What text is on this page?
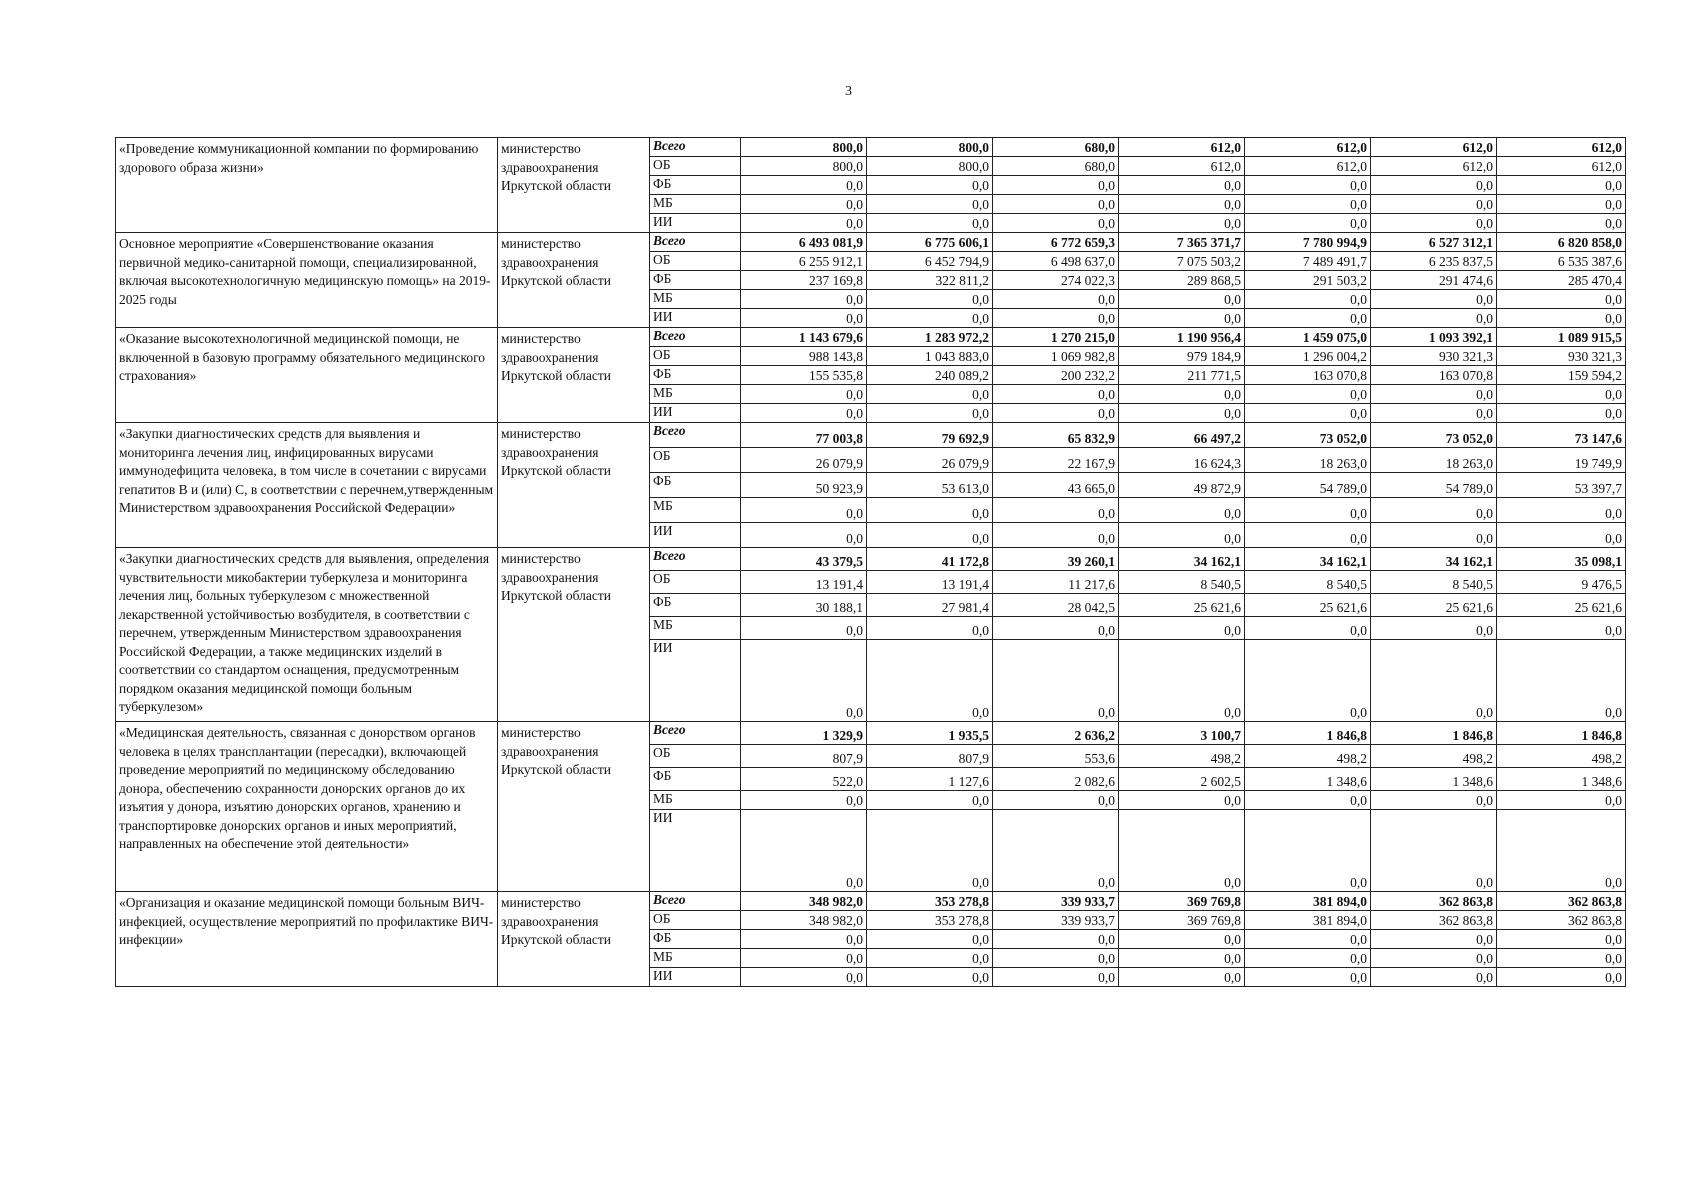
3
«Проведение коммуникационной компании по формированию здорового образа жизни»	министерство здравоохранения Иркутской области	Всего	800,0	800,0	680,0	612,0	612,0	612,0	612,0
		ОБ	800,0	800,0	680,0	612,0	612,0	612,0	612,0
		ФБ	0,0	0,0	0,0	0,0	0,0	0,0	0,0
		МБ	0,0	0,0	0,0	0,0	0,0	0,0	0,0
		ИИ	0,0	0,0	0,0	0,0	0,0	0,0	0,0
Основное мероприятие «Совершенствование оказания первичной медико-санитарной помощи, специализированной, включая высокотехнологичную медицинскую помощь» на 2019-2025 годы	министерство здравоохранения Иркутской области	Всего	6 493 081,9	6 775 606,1	6 772 659,3	7 365 371,7	7 780 994,9	6 527 312,1	6 820 858,0
		ОБ	6 255 912,1	6 452 794,9	6 498 637,0	7 075 503,2	7 489 491,7	6 235 837,5	6 535 387,6
		ФБ	237 169,8	322 811,2	274 022,3	289 868,5	291 503,2	291 474,6	285 470,4
		МБ	0,0	0,0	0,0	0,0	0,0	0,0	0,0
		ИИ	0,0	0,0	0,0	0,0	0,0	0,0	0,0
«Оказание высокотехнологичной медицинской помощи, не включенной в базовую программу обязательного медицинского страхования»	министерство здравоохранения Иркутской области	Всего	1 143 679,6	1 283 972,2	1 270 215,0	1 190 956,4	1 459 075,0	1 093 392,1	1 089 915,5
		ОБ	988 143,8	1 043 883,0	1 069 982,8	979 184,9	1 296 004,2	930 321,3	930 321,3
		ФБ	155 535,8	240 089,2	200 232,2	211 771,5	163 070,8	163 070,8	159 594,2
		МБ	0,0	0,0	0,0	0,0	0,0	0,0	0,0
		ИИ	0,0	0,0	0,0	0,0	0,0	0,0	0,0
«Закупки диагностических средств для выявления и мониторинга лечения лиц, инфицированных вирусами иммунодефицита человека, в том числе в сочетании с вирусами гепатитов В и (или) С, в соответствии с перечнем,утвержденным Министерством здравоохранения Российской Федерации»	министерство здравоохранения Иркутской области	Всего	77 003,8	79 692,9	65 832,9	66 497,2	73 052,0	73 052,0	73 147,6
		ОБ	26 079,9	26 079,9	22 167,9	16 624,3	18 263,0	18 263,0	19 749,9
		ФБ	50 923,9	53 613,0	43 665,0	49 872,9	54 789,0	54 789,0	53 397,7
		МБ	0,0	0,0	0,0	0,0	0,0	0,0	0,0
		ИИ	0,0	0,0	0,0	0,0	0,0	0,0	0,0
«Закупки диагностических средств для выявления, определения чувствительности микобактерии туберкулеза и мониторинга лечения лиц, больных туберкулезом с множественной лекарственной устойчивостью возбудителя, в соответствии с перечнем, утвержденным Министерством здравоохранения Российской Федерации, а также медицинских изделий в соответствии со стандартом оснащения, предусмотренным порядком оказания медицинской помощи больным туберкулезом»	министерство здравоохранения Иркутской области	Всего	43 379,5	41 172,8	39 260,1	34 162,1	34 162,1	34 162,1	35 098,1
		ОБ	13 191,4	13 191,4	11 217,6	8 540,5	8 540,5	8 540,5	9 476,5
		ФБ	30 188,1	27 981,4	28 042,5	25 621,6	25 621,6	25 621,6	25 621,6
		МБ	0,0	0,0	0,0	0,0	0,0	0,0	0,0
		ИИ	0,0	0,0	0,0	0,0	0,0	0,0	0,0
«Медицинская деятельность, связанная с донорством органов человека в целях трансплантации (пересадки), включающей проведение мероприятий по медицинскому обследованию донора, обеспечению сохранности донорских органов до их изъятия у донора, изъятию донорских органов, хранению и транспортировке донорских органов и иных мероприятий, направленных на обеспечение этой деятельности»	министерство здравоохранения Иркутской области	Всего	1 329,9	1 935,5	2 636,2	3 100,7	1 846,8	1 846,8	1 846,8
		ОБ	807,9	807,9	553,6	498,2	498,2	498,2	498,2
		ФБ	522,0	1 127,6	2 082,6	2 602,5	1 348,6	1 348,6	1 348,6
		МБ	0,0	0,0	0,0	0,0	0,0	0,0	0,0
		ИИ	0,0	0,0	0,0	0,0	0,0	0,0	0,0
«Организация и оказание медицинской помощи больным ВИЧ-инфекцией, осуществление мероприятий по профилактике ВИЧ-инфекции»	министерство здравоохранения Иркутской области	Всего	348 982,0	353 278,8	339 933,7	369 769,8	381 894,0	362 863,8	362 863,8
		ОБ	348 982,0	353 278,8	339 933,7	369 769,8	381 894,0	362 863,8	362 863,8
		ФБ	0,0	0,0	0,0	0,0	0,0	0,0	0,0
		МБ	0,0	0,0	0,0	0,0	0,0	0,0	0,0
		ИИ	0,0	0,0	0,0	0,0	0,0	0,0	0,0
